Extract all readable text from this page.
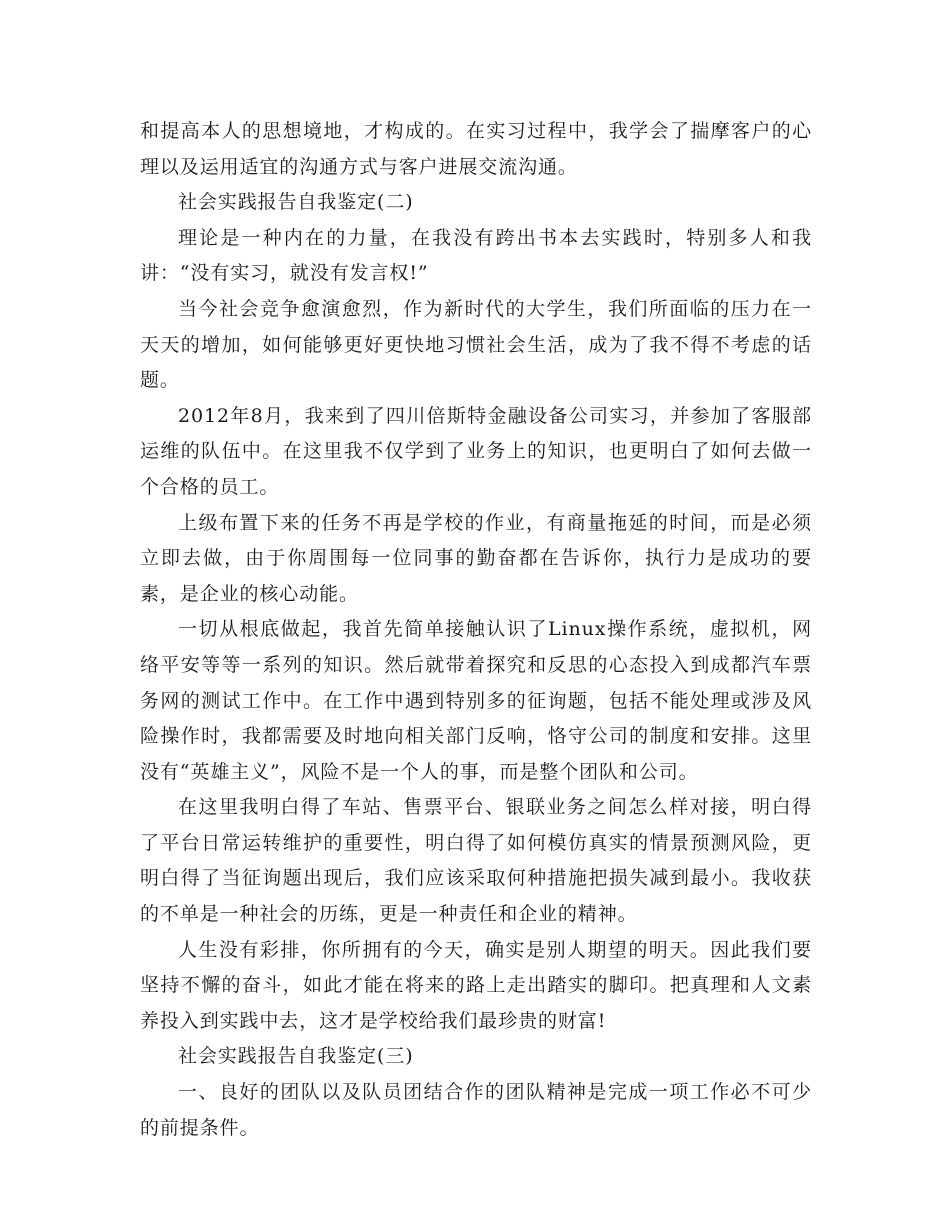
和提高本人的思想境地，才构成的。在实习过程中，我学会了揣摩客户的心理以及运用适宜的沟通方式与客户进展交流沟通。

社会实践报告自我鉴定(二)

理论是一种内在的力量，在我没有跨出书本去实践时，特别多人和我讲：“没有实习，就没有发言权!”

当今社会竞争愈演愈烈，作为新时代的大学生，我们所面临的压力在一天天的增加，如何能够更好更快地习惯社会生活，成为了我不得不考虑的话题。

2012年8月，我来到了四川倍斯特金融设备公司实习，并参加了客服部运维的队伍中。在这里我不仅学到了业务上的知识，也更明白了如何去做一个合格的员工。

上级布置下来的任务不再是学校的作业，有商量拖延的时间，而是必须立即去做，由于你周围每一位同事的勤奋都在告诉你，执行力是成功的要素，是企业的核心动能。

一切从根底做起，我首先简单接触认识了Linux操作系统，虚拟机，网络平安等等一系列的知识。然后就带着探究和反思的心态投入到成都汽车票务网的测试工作中。在工作中遇到特别多的征询题，包括不能处理或涉及风险操作时，我都需要及时地向相关部门反响，恪守公司的制度和安排。这里没有“英雄主义”，风险不是一个人的事，而是整个团队和公司。

在这里我明白得了车站、售票平台、银联业务之间怎么样对接，明白得了平台日常运转维护的重要性，明白得了如何模仿真实的情景预测风险，更明白得了当征询题出现后，我们应该采取何种措施把损失减到最小。我收获的不单是一种社会的历练，更是一种责任和企业的精神。

人生没有彩排，你所拥有的今天，确实是别人期望的明天。因此我们要坚持不懈的奋斗，如此才能在将来的路上走出踏实的脚印。把真理和人文素养投入到实践中去，这才是学校给我们最珍贵的财富!

社会实践报告自我鉴定(三)

一、良好的团队以及队员团结合作的团队精神是完成一项工作必不可少的前提条件。
